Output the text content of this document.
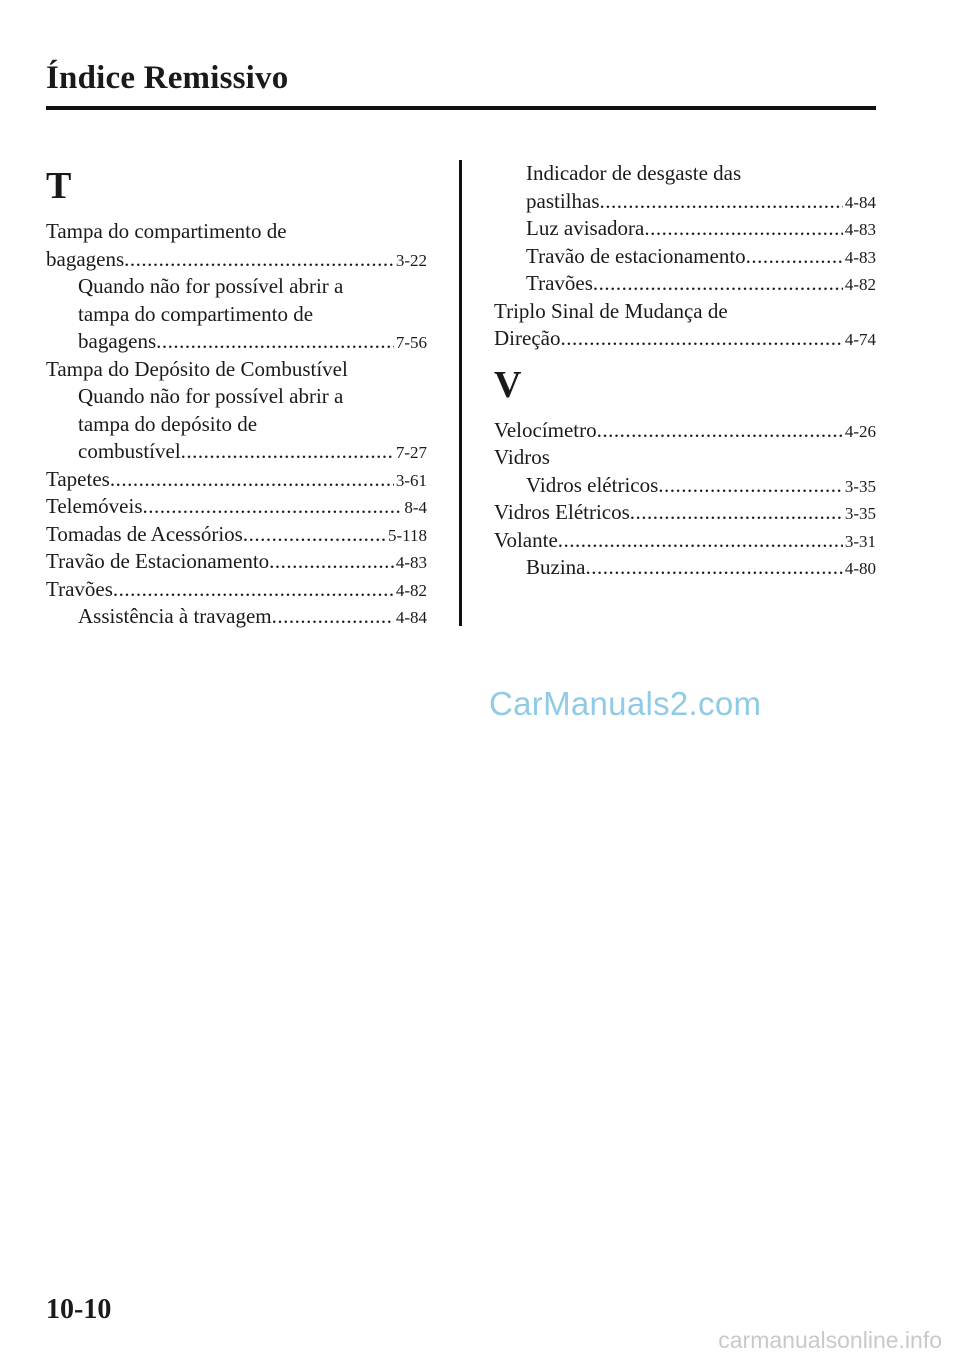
Índice Remissivo
T
Tampa do compartimento de
bagagens .....	3-22
Quando não for possível abrir a
tampa do compartimento de
bagagens .....	7-56
Tampa do Depósito de Combustível
Quando não for possível abrir a
tampa do depósito de
combustível .....	7-27
Tapetes .....	3-61
Telemóveis .....	8-4
Tomadas de Acessórios .....	5-118
Travão de Estacionamento .....	4-83
Travões .....	4-82
Assistência à travagem .....	4-84
Indicador de desgaste das
pastilhas .....	4-84
Luz avisadora .....	4-83
Travão de estacionamento .....	4-83
Travões .....	4-82
Triplo Sinal de Mudança de
Direção .....	4-74
V
Velocímetro .....	4-26
Vidros
Vidros elétricos .....	3-35
Vidros Elétricos .....	3-35
Volante .....	3-31
Buzina .....	4-80
CarManuals2.com
10-10
carmanualsonline.info
